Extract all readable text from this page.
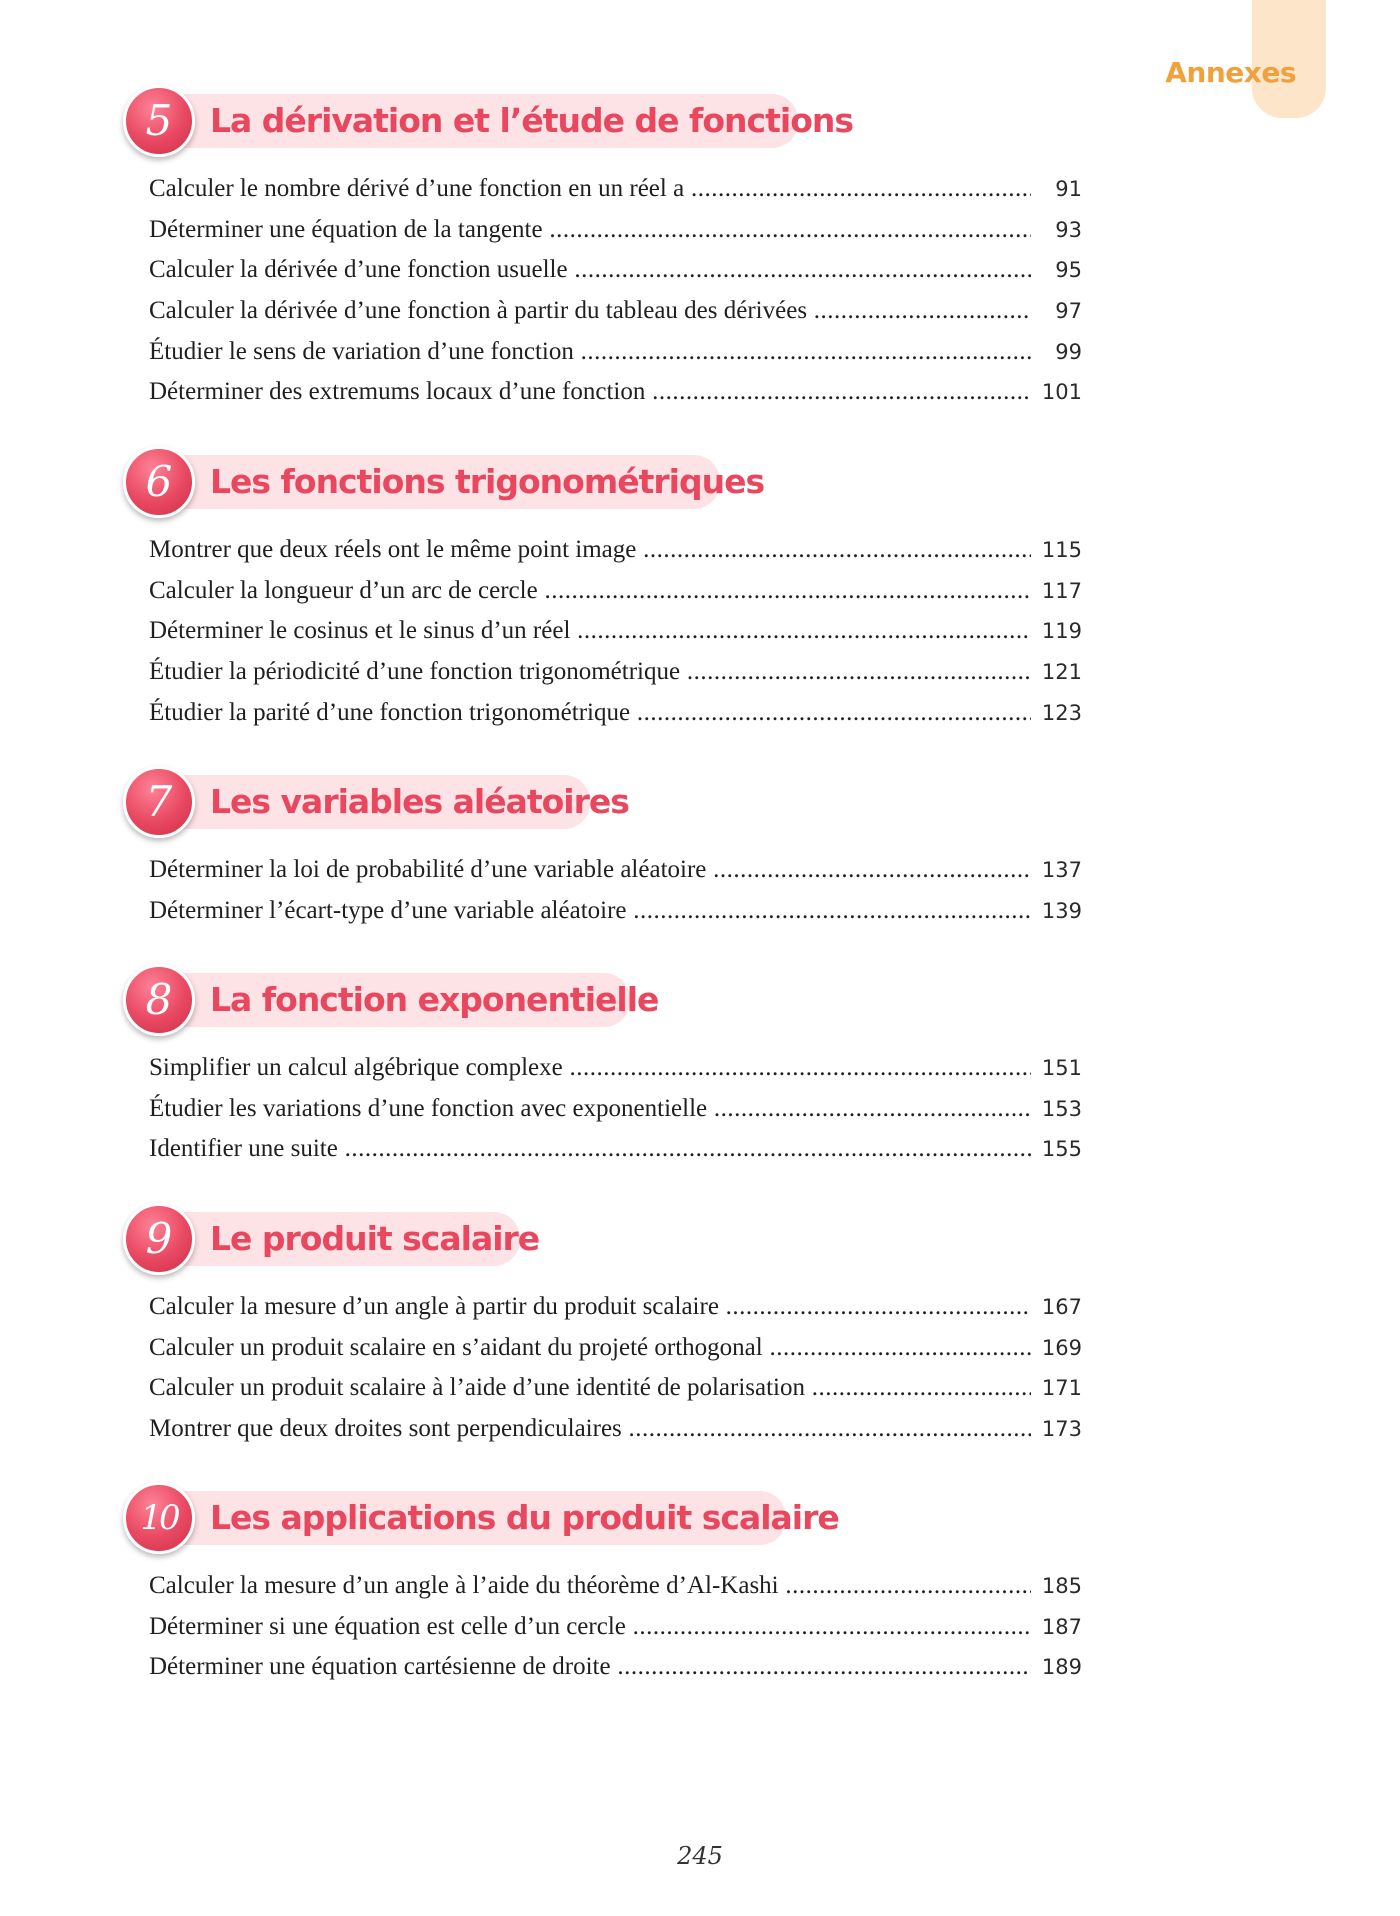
Annexes
La dérivation et l’étude de fonctions
5
Calculer le nombre dérivé d’une fonction en un réel a .....	91
Déterminer une équation de la tangente .....	93
Calculer la dérivée d’une fonction usuelle .....	95
Calculer la dérivée d’une fonction à partir du tableau des dérivées .....	97
Étudier le sens de variation d’une fonction .....	99
Déterminer des extremums locaux d’une fonction .....	101
Les fonctions trigonométriques
6
Montrer que deux réels ont le même point image .....	115
Calculer la longueur d’un arc de cercle .....	117
Déterminer le cosinus et le sinus d’un réel .....	119
Étudier la périodicité d’une fonction trigonométrique .....	121
Étudier la parité d’une fonction trigonométrique .....	123
Les variables aléatoires
7
Déterminer la loi de probabilité d’une variable aléatoire .....	137
Déterminer l’écart-type d’une variable aléatoire .....	139
La fonction exponentielle
8
Simplifier un calcul algébrique complexe .....	151
Étudier les variations d’une fonction avec exponentielle .....	153
Identifier une suite .....	155
Le produit scalaire
9
Calculer la mesure d’un angle à partir du produit scalaire .....	167
Calculer un produit scalaire en s’aidant du projeté orthogonal .....	169
Calculer un produit scalaire à l’aide d’une identité de polarisation .....	171
Montrer que deux droites sont perpendiculaires .....	173
Les applications du produit scalaire
10
Calculer la mesure d’un angle à l’aide du théorème d’Al-Kashi .....	185
Déterminer si une équation est celle d’un cercle .....	187
Déterminer une équation cartésienne de droite .....	189
245
